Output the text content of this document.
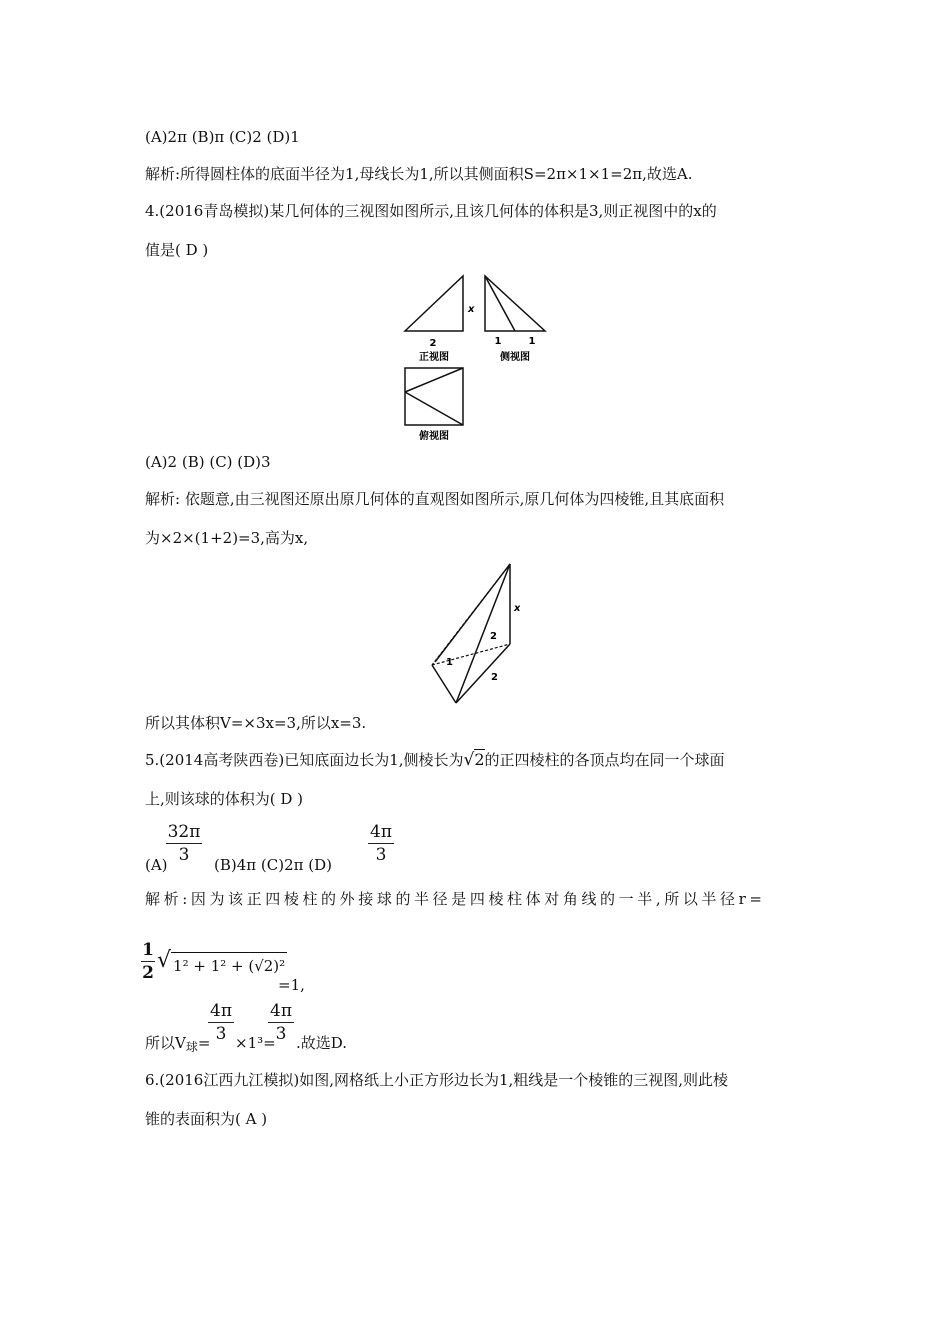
(A)2π (B)π (C)2 (D)1
解析:所得圆柱体的底面半径为1,母线长为1,所以其侧面积S=2π×1×1=2π,故选A.
4.(2016青岛模拟)某几何体的三视图如图所示,且该几何体的体积是3,则正视图中的x的
值是( D )
2
x
正视图
1	1
侧视图
俯视图
(A)2 (B) (C) (D)3
解析: 依题意,由三视图还原出原几何体的直观图如图所示,原几何体为四棱锥,且其底面积
为×2×(1+2)=3,高为x,
x
2
1
2
所以其体积V=×3x=3,所以x=3.
5.(2014高考陕西卷)已知底面边长为1,侧棱长为√2的正四棱柱的各顶点均在同一个球面
上,则该球的体积为( D )
(A)
32π
3	(B)4π (C)2π (D)
4π
3
解析:因为该正四棱柱的外接球的半径是四棱柱体对角线的一半,所以半径r=
1
2 √ 1² + 1² + (√2)²
=1,
所以$V_球=$
4π
3 ×1³=
4π
3 .故选D.
6.(2016江西九江模拟)如图,网格纸上小正方形边长为1,粗线是一个棱锥的三视图,则此棱
锥的表面积为( A )
